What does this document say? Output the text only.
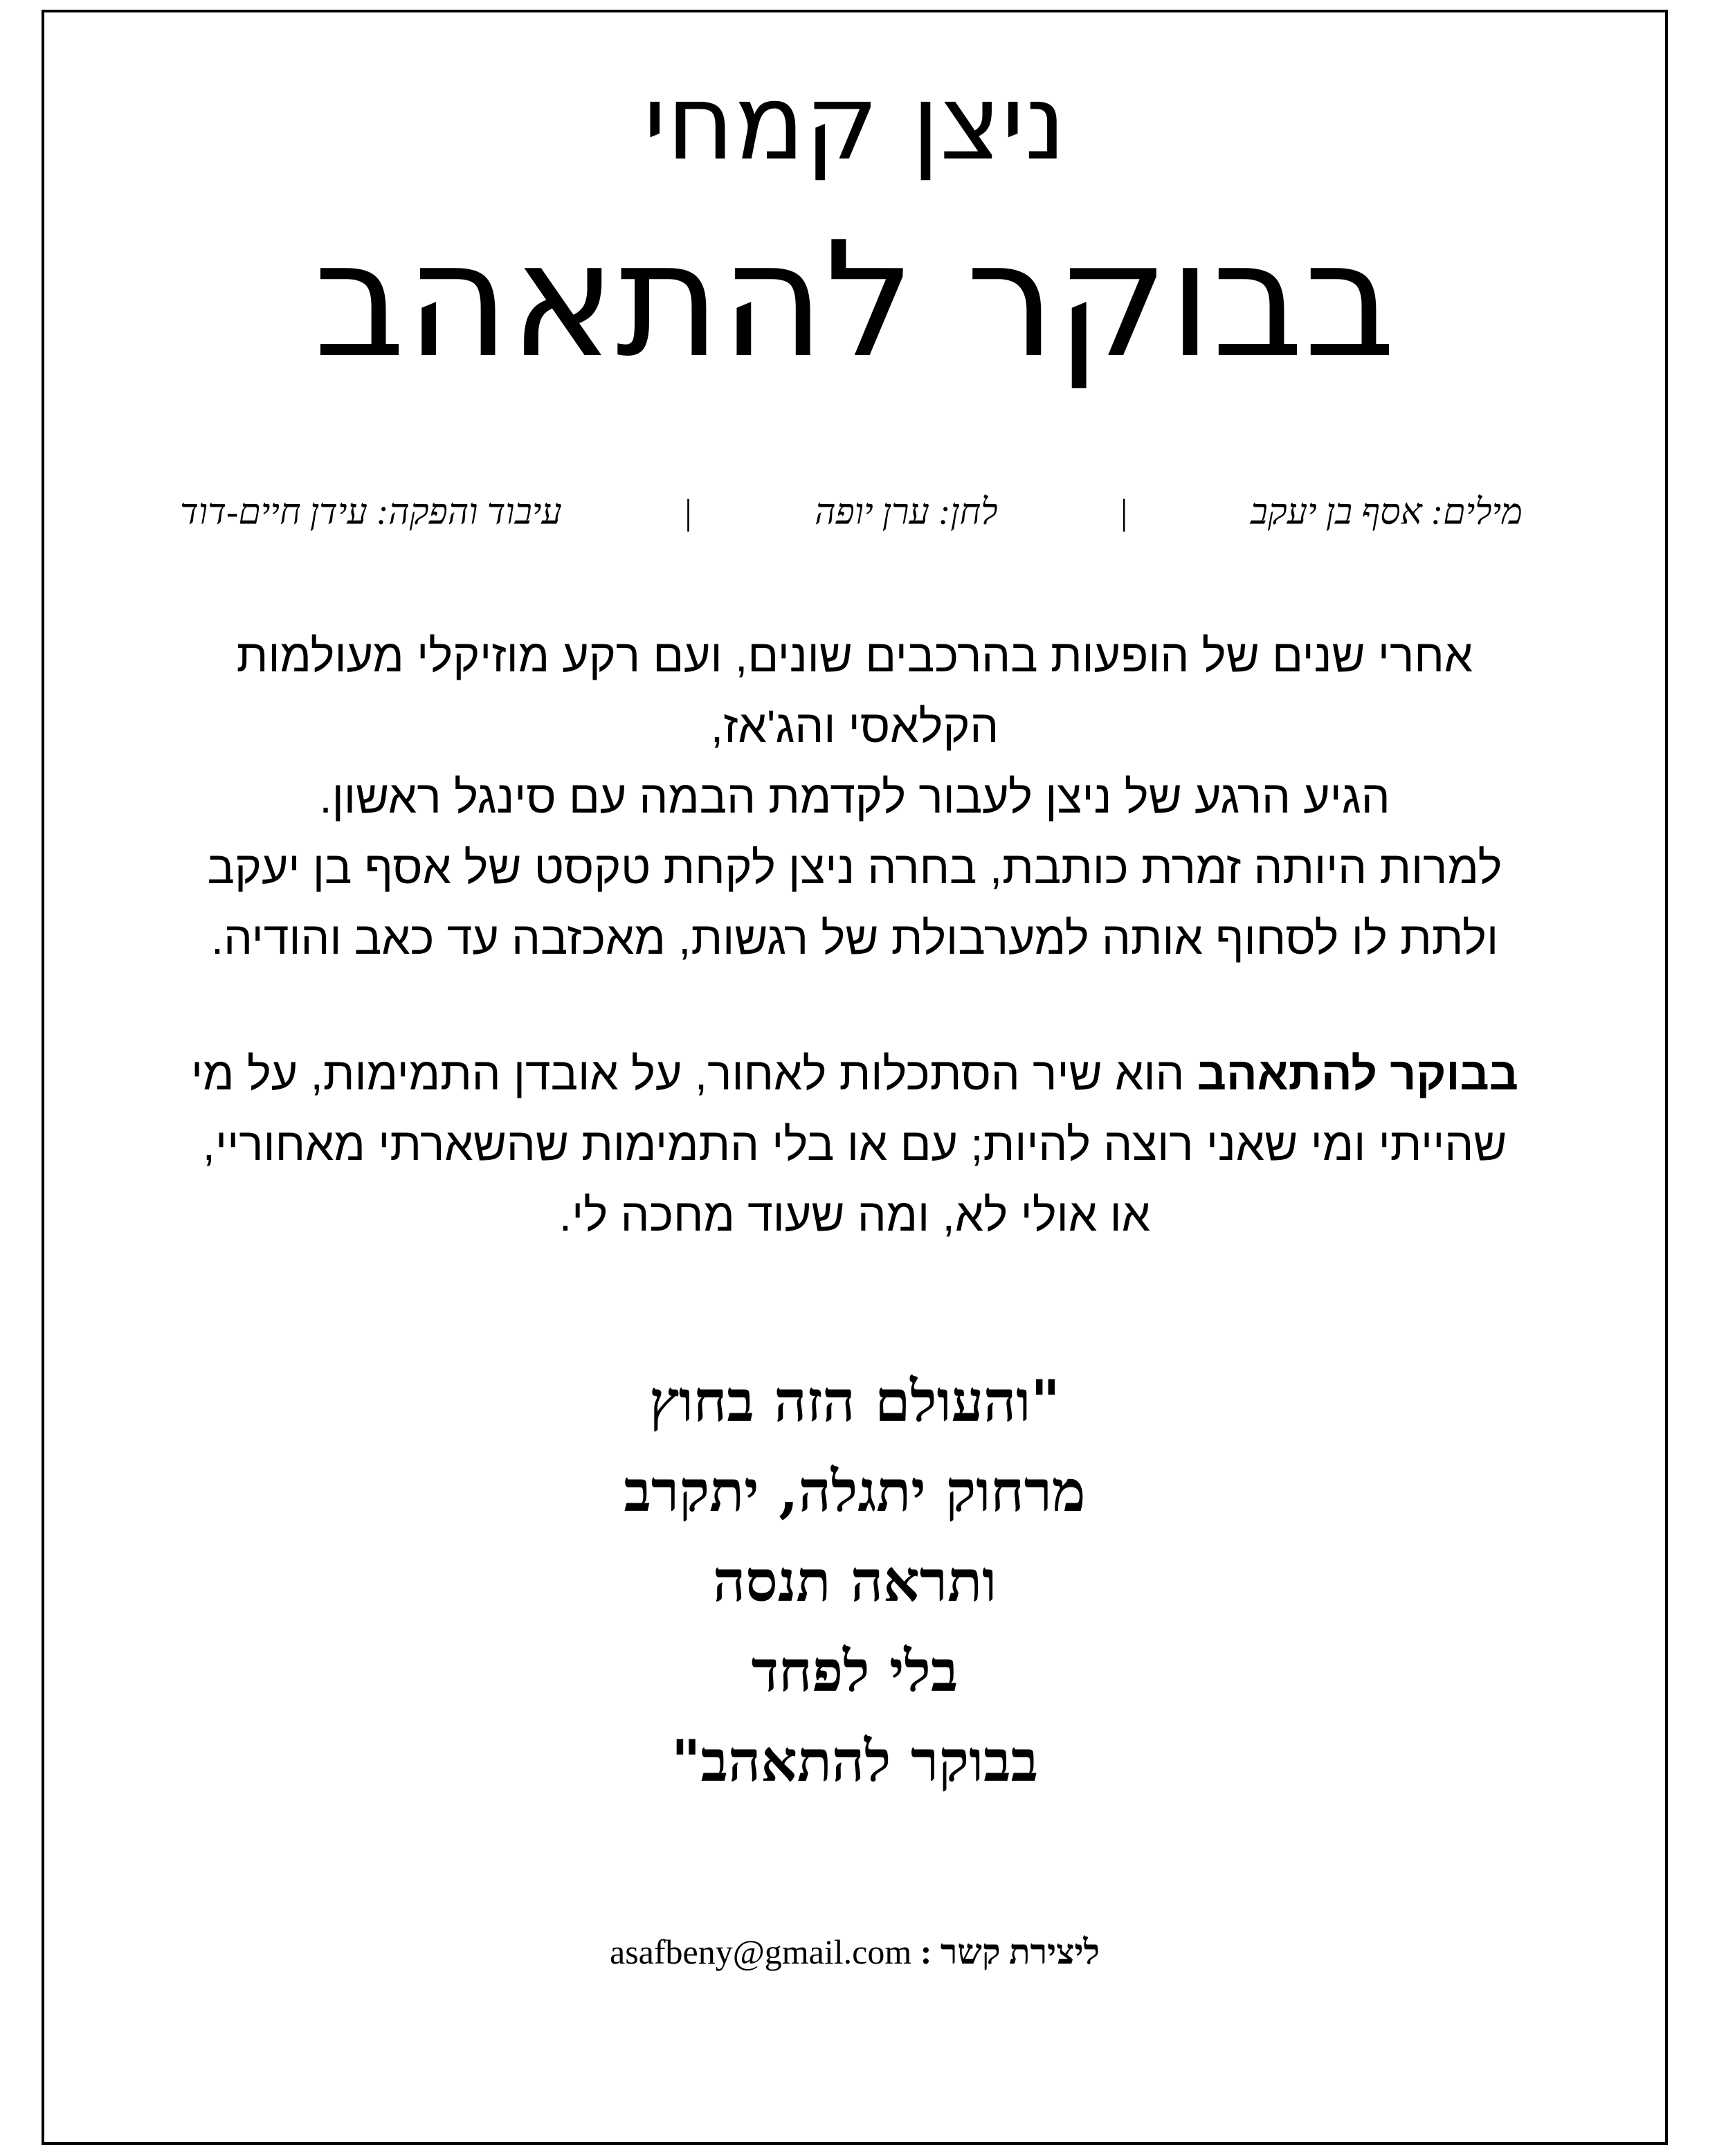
ניצן קמחי
בבוקר להתאהב
מילים: אסף בן יעקב
|
לחן: ערן יופה
|
עיבוד והפקה: עידן חיים-דוד

אחרי שנים של הופעות בהרכבים שונים, ועם רקע מוזיקלי מעולמות

הקלאסי והג'אז,

הגיע הרגע של ניצן לעבור לקדמת הבמה עם סינגל ראשון.

למרות היותה זמרת כותבת, בחרה ניצן לקחת טקסט של אסף בן יעקב

ולתת לו לסחוף אותה למערבולת של רגשות, מאכזבה עד כאב והודיה.

בבוקר להתאהב הוא שיר הסתכלות לאחור, על אובדן התמימות, על מי

שהייתי ומי שאני רוצה להיות; עם או בלי התמימות שהשארתי מאחוריי,

או אולי לא, ומה שעוד מחכה לי.

"והעולם הזה בחוץ

מרחוק יתגלה, יתקרב

ותראה תנסה

בלי לפחד

בבוקר להתאהב"

asafbeny@gmail.com : ליצירת קשר
